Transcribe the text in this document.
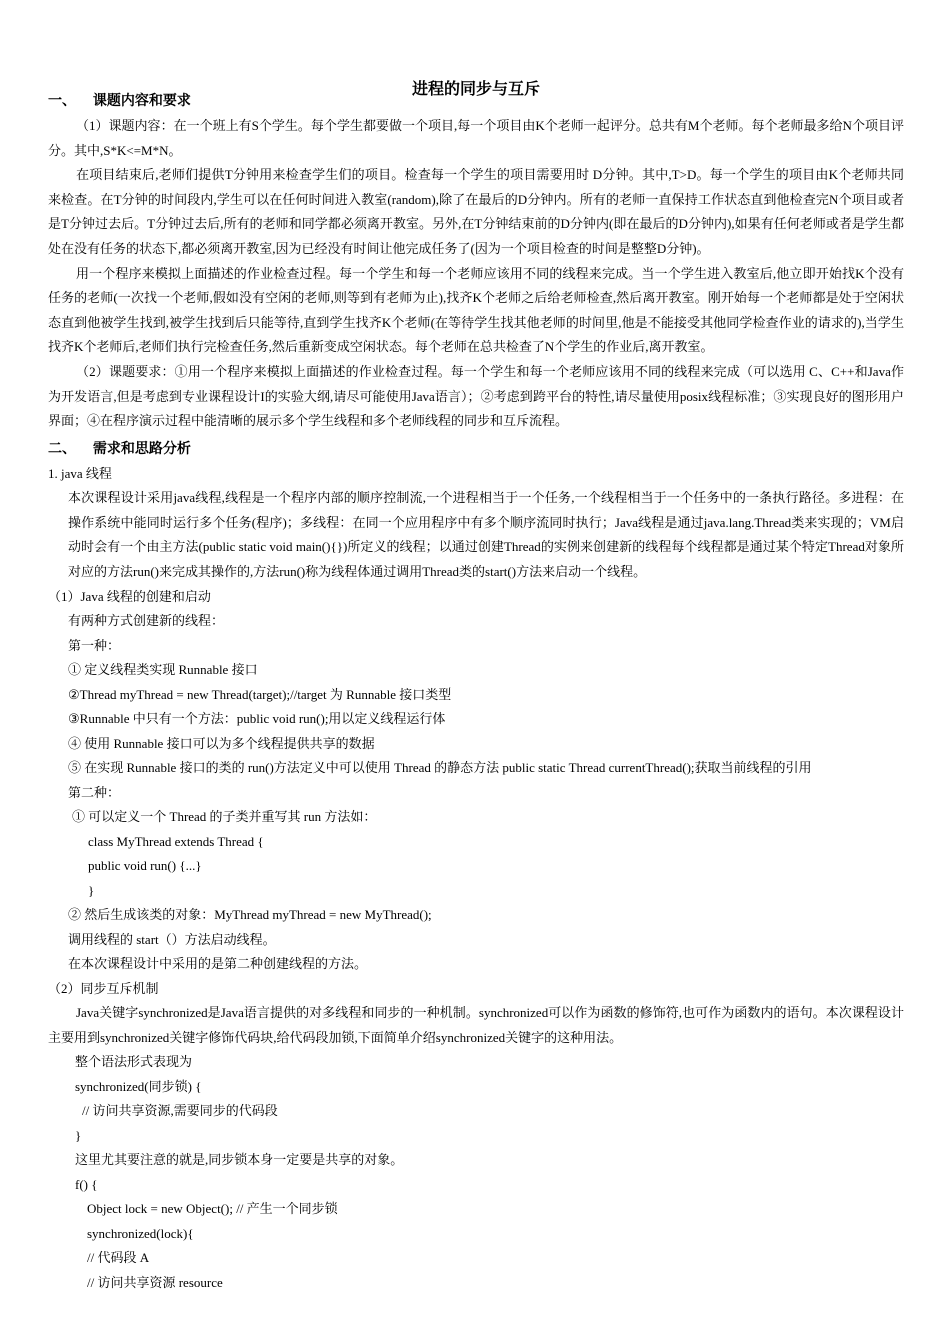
进程的同步与互斥
一、 课题内容和要求

（1）课题内容：在一个班上有S个学生。每个学生都要做一个项目,每一个项目由K个老师一起评分。总共有M个老师。每个老师最多给N个项目评分。其中,S*K<=M*N。

在项目结束后,老师们提供T分钟用来检查学生们的项目。检查每一个学生的项目需要用时 D分钟。其中,T>D。每一个学生的项目由K个老师共同来检查。在T分钟的时间段内,学生可以在任何时间进入教室(random),除了在最后的D分钟内。所有的老师一直保持工作状态直到他检查完N个项目或者是T分钟过去后。T分钟过去后,所有的老师和同学都必须离开教室。另外,在T分钟结束前的D分钟内(即在最后的D分钟内),如果有任何老师或者是学生都处在没有任务的状态下,都必须离开教室,因为已经没有时间让他完成任务了(因为一个项目检查的时间是整整D分钟)。

用一个程序来模拟上面描述的作业检查过程。每一个学生和每一个老师应该用不同的线程来完成。当一个学生进入教室后,他立即开始找K个没有任务的老师(一次找一个老师,假如没有空闲的老师,则等到有老师为止),找齐K个老师之后给老师检查,然后离开教室。刚开始每一个老师都是处于空闲状态直到他被学生找到,被学生找到后只能等待,直到学生找齐K个老师(在等待学生找其他老师的时间里,他是不能接受其他同学检查作业的请求的),当学生找齐K个老师后,老师们执行完检查任务,然后重新变成空闲状态。每个老师在总共检查了N个学生的作业后,离开教室。

（2）课题要求：①用一个程序来模拟上面描述的作业检查过程。每一个学生和每一个老师应该用不同的线程来完成（可以选用 C、C++和Java作为开发语言,但是考虑到专业课程设计I的实验大纲,请尽可能使用Java语言）；②考虑到跨平台的特性,请尽量使用posix线程标准；③实现良好的图形用户界面；④在程序演示过程中能清晰的展示多个学生线程和多个老师线程的同步和互斥流程。

二、 需求和思路分析

1. java 线程

本次课程设计采用java线程,线程是一个程序内部的顺序控制流,一个进程相当于一个任务,一个线程相当于一个任务中的一条执行路径。多进程：在操作系统中能同时运行多个任务(程序)；多线程：在同一个应用程序中有多个顺序流同时执行；Java线程是通过java.lang.Thread类来实现的；VM启动时会有一个由主方法(public static void main(){})所定义的线程；以通过创建Thread的实例来创建新的线程每个线程都是通过某个特定Thread对象所对应的方法run()来完成其操作的,方法run()称为线程体通过调用Thread类的start()方法来启动一个线程。

（1）Java 线程的创建和启动

有两种方式创建新的线程：

第一种：

① 定义线程类实现 Runnable 接口

②Thread myThread = new Thread(target);//target 为 Runnable 接口类型

③Runnable 中只有一个方法：public void run();用以定义线程运行体

④ 使用 Runnable 接口可以为多个线程提供共享的数据

⑤ 在实现 Runnable 接口的类的 run()方法定义中可以使用 Thread 的静态方法 public static Thread currentThread();获取当前线程的引用

第二种：

① 可以定义一个 Thread 的子类并重写其 run 方法如：

class MyThread extends Thread {

public void run() {...}

}

② 然后生成该类的对象：MyThread myThread = new MyThread();

调用线程的 start（）方法启动线程。

在本次课程设计中采用的是第二种创建线程的方法。

（2）同步互斥机制

Java关键字synchronized是Java语言提供的对多线程和同步的一种机制。synchronized可以作为函数的修饰符,也可作为函数内的语句。本次课程设计主要用到synchronized关键字修饰代码块,给代码段加锁,下面简单介绍synchronized关键字的这种用法。

整个语法形式表现为

synchronized(同步锁) {

// 访问共享资源,需要同步的代码段

}

这里尤其要注意的就是,同步锁本身一定要是共享的对象。

f() {

Object lock = new Object(); // 产生一个同步锁

synchronized(lock){

// 代码段 A

// 访问共享资源 resource
